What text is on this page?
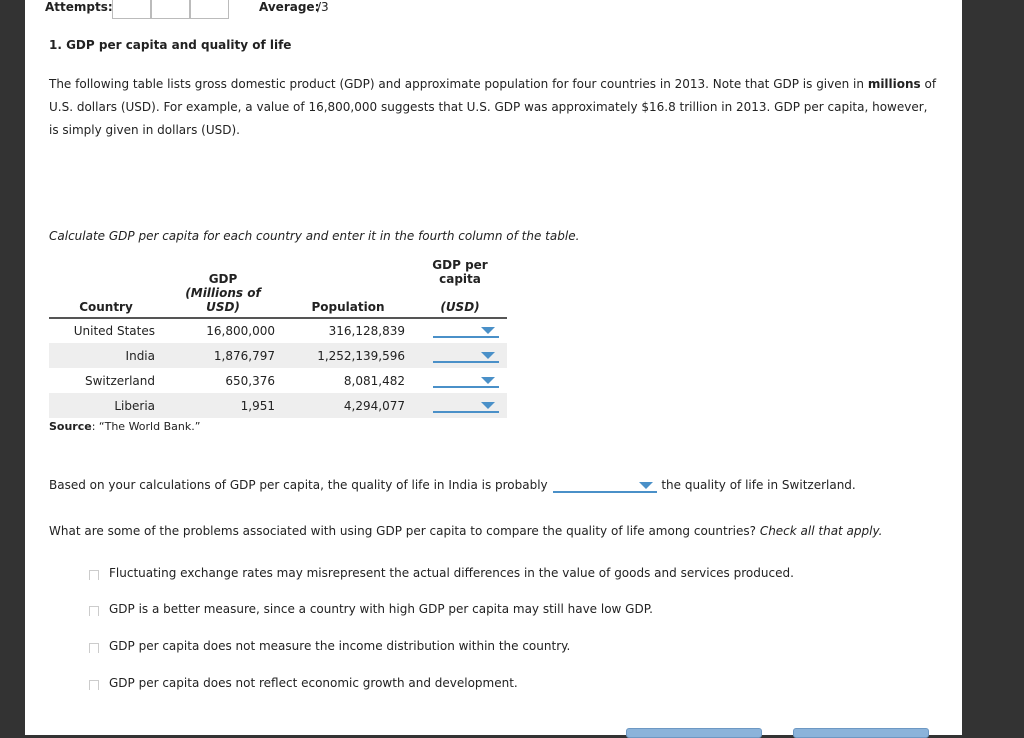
Attempts:	Average:
/3
1. GDP per capita and quality of life

The following table lists gross domestic product (GDP) and approximate population for four countries in 2013. Note that GDP is given in millions of U.S. dollars (USD). For example, a value of 16,800,000 suggests that U.S. GDP was approximately $16.8 trillion in 2013. GDP per capita, however, is simply given in dollars (USD).

Calculate GDP per capita for each country and enter it in the fourth column of the table.
	GDP		GDP per capita
Country	(Millions of USD)	Population	(USD)
United States	16,800,000	316,128,839	
India	1,876,797	1,252,139,596	
Switzerland	650,376	8,081,482	
Liberia	1,951	4,294,077	
Source: “The World Bank.”
Based on your calculations of GDP per capita, the quality of life in India is probably	the quality of life in Switzerland.
What are some of the problems associated with using GDP per capita to compare the quality of life among countries? Check all that apply.
Fluctuating exchange rates may misrepresent the actual differences in the value of goods and services produced.
GDP is a better measure, since a country with high GDP per capita may still have low GDP.
GDP per capita does not measure the income distribution within the country.
GDP per capita does not reflect economic growth and development.
